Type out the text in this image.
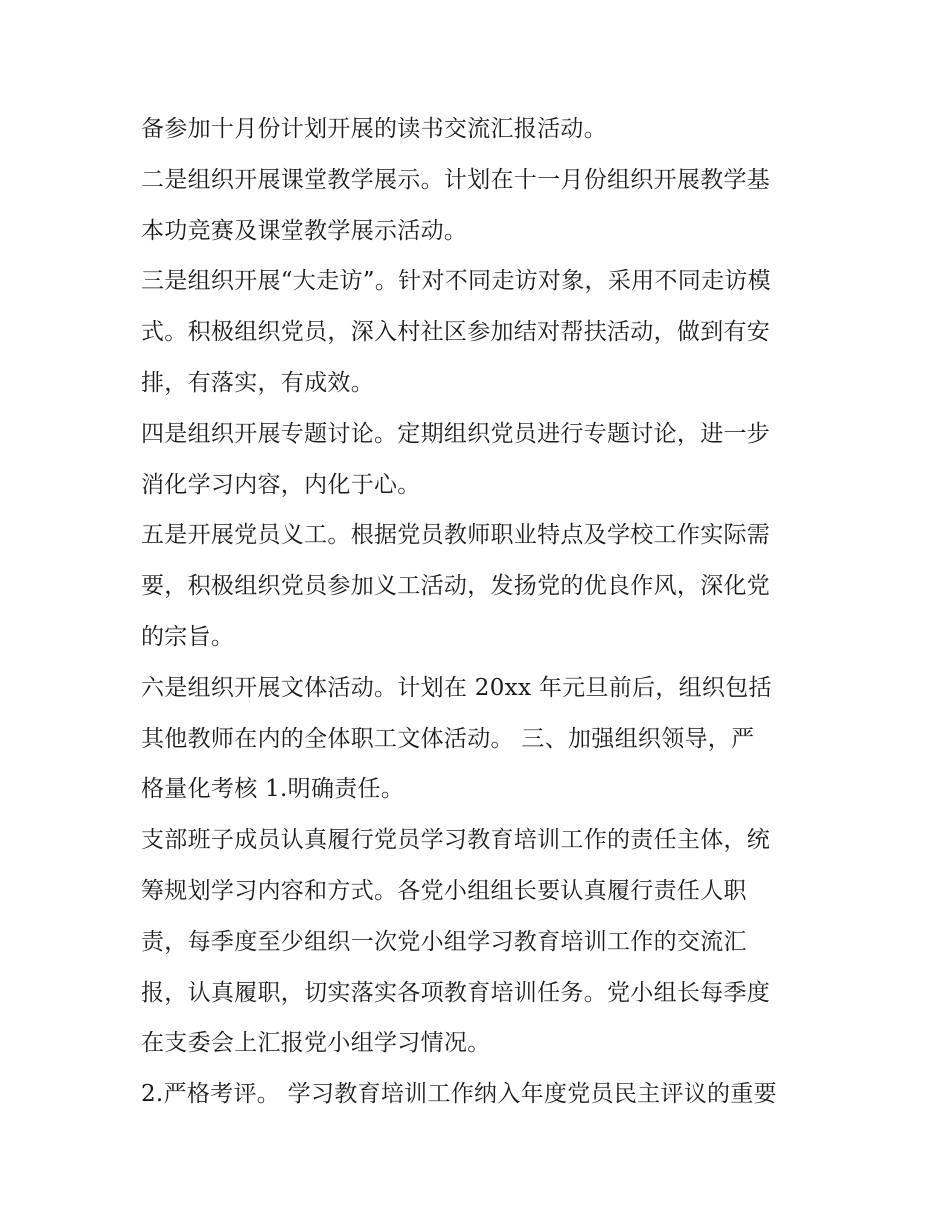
备参加十月份计划开展的读书交流汇报活动。
二是组织开展课堂教学展示。计划在十一月份组织开展教学基
本功竞赛及课堂教学展示活动。
三是组织开展“大走访”。针对不同走访对象，采用不同走访模
式。积极组织党员，深入村社区参加结对帮扶活动，做到有安
排，有落实，有成效。
四是组织开展专题讨论。定期组织党员进行专题讨论，进一步
消化学习内容，内化于心。
五是开展党员义工。根据党员教师职业特点及学校工作实际需
要，积极组织党员参加义工活动，发扬党的优良作风，深化党
的宗旨。
六是组织开展文体活动。计划在 20xx 年元旦前后，组织包括
其他教师在内的全体职工文体活动。 三、加强组织领导，严
格量化考核 1.明确责任。
支部班子成员认真履行党员学习教育培训工作的责任主体，统
筹规划学习内容和方式。各党小组组长要认真履行责任人职
责，每季度至少组织一次党小组学习教育培训工作的交流汇
报，认真履职，切实落实各项教育培训任务。党小组长每季度
在支委会上汇报党小组学习情况。
2.严格考评。 学习教育培训工作纳入年度党员民主评议的重要
